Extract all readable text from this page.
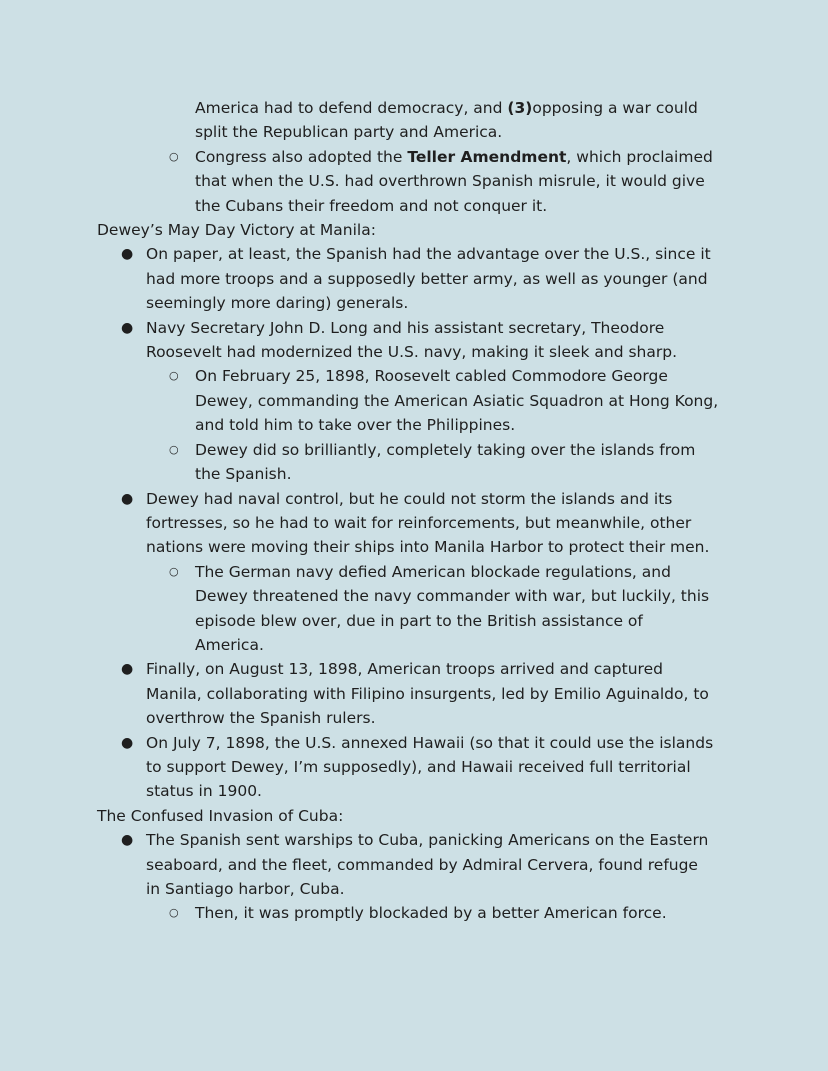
America had to defend democracy, and (3)opposing a war could
split the Republican party and America.
○ Congress also adopted the Teller Amendment, which proclaimed
that when the U.S. had overthrown Spanish misrule, it would give
the Cubans their freedom and not conquer it.
Dewey’s May Day Victory at Manila:
● On paper, at least, the Spanish had the advantage over the U.S., since it
had more troops and a supposedly better army, as well as younger (and
seemingly more daring) generals.
● Navy Secretary John D. Long and his assistant secretary, Theodore
Roosevelt had modernized the U.S. navy, making it sleek and sharp.
○ On February 25, 1898, Roosevelt cabled Commodore George
Dewey, commanding the American Asiatic Squadron at Hong Kong,
and told him to take over the Philippines.
○ Dewey did so brilliantly, completely taking over the islands from
the Spanish.
● Dewey had naval control, but he could not storm the islands and its
fortresses, so he had to wait for reinforcements, but meanwhile, other
nations were moving their ships into Manila Harbor to protect their men.
○ The German navy defied American blockade regulations, and
Dewey threatened the navy commander with war, but luckily, this
episode blew over, due in part to the British assistance of
America.
● Finally, on August 13, 1898, American troops arrived and captured
Manila, collaborating with Filipino insurgents, led by Emilio Aguinaldo, to
overthrow the Spanish rulers.
● On July 7, 1898, the U.S. annexed Hawaii (so that it could use the islands
to support Dewey, I’m supposedly), and Hawaii received full territorial
status in 1900.
The Confused Invasion of Cuba:
● The Spanish sent warships to Cuba, panicking Americans on the Eastern
seaboard, and the fleet, commanded by Admiral Cervera, found refuge
in Santiago harbor, Cuba.
○ Then, it was promptly blockaded by a better American force.
